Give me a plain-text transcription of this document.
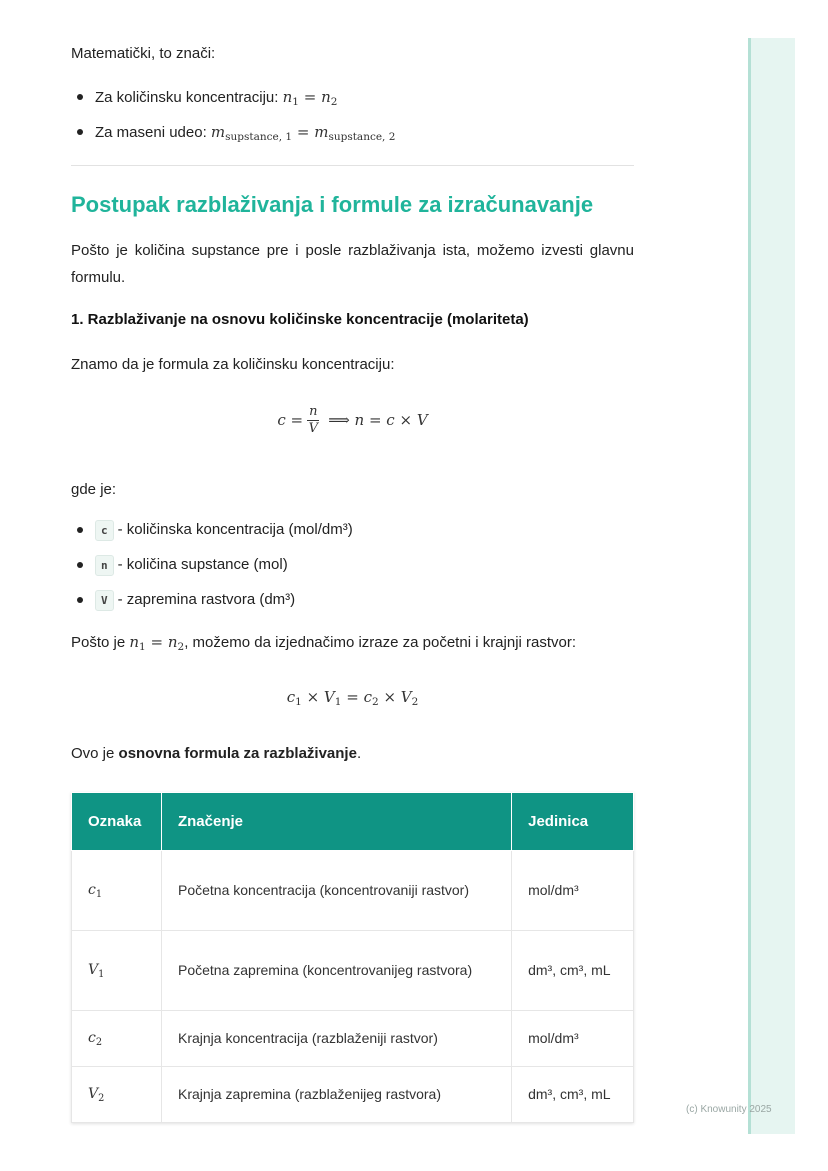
Matematički, to znači:
Za količinsku koncentraciju: $n_1 = n_2$
Za maseni udeo: $m_{supstance, 1} = m_{supstance, 2}$
Postupak razblaživanja i formule za izračunavanje
Pošto je količina supstance pre i posle razblaživanja ista, možemo izvesti glavnu formulu.
1. Razblaživanje na osnovu količinske koncentracije (molariteta)
Znamo da je formula za količinsku koncentraciju:
$c = \frac{n}{V}$ ⟹ n = c × V
gde je:
c - količinska koncentracija (mol/dm³)
n - količina supstance (mol)
V - zapremina rastvora (dm³)
Pošto je $n_1 = n_2$, možemo da izjednačimo izraze za početni i krajnji rastvor:
$c_1 \times V_1 = c_2 \times V_2$
Ovo je osnovna formula za razblaživanje.
Oznaka	Značenje	Jedinica
$c_1$	Početna koncentracija (koncentrovaniji rastvor)	mol/dm³
$V_1$	Početna zapremina (koncentrovanijeg rastvora)	dm³, cm³, mL
$c_2$	Krajnja koncentracija (razblaženiji rastvor)	mol/dm³
$V_2$	Krajnja zapremina (razblaženijeg rastvora)	dm³, cm³, mL
(c) Knowunity 2025
